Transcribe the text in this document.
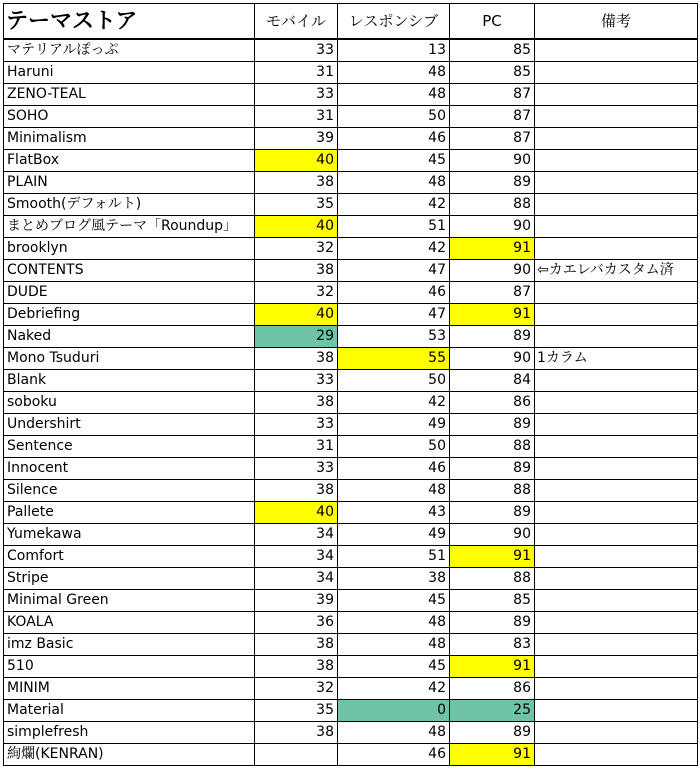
テーマストア	モバイル	レスポンシブ	PC	備考
マテリアルぽっぷ	33	13	85	
Haruni	31	48	85	
ZENO-TEAL	33	48	87	
SOHO	31	50	87	
Minimalism	39	46	87	
FlatBox	40	45	90	
PLAIN	38	48	89	
Smooth(デフォルト)	35	42	88	
まとめブログ風テーマ「Roundup」	40	51	90	
brooklyn	32	42	91	
CONTENTS	38	47	90	⇦カエレバカスタム済
DUDE	32	46	87	
Debriefing	40	47	91	
Naked	29	53	89	
Mono Tsuduri	38	55	90	1カラム
Blank	33	50	84	
soboku	38	42	86	
Undershirt	33	49	89	
Sentence	31	50	88	
Innocent	33	46	89	
Silence	38	48	88	
Pallete	40	43	89	
Yumekawa	34	49	90	
Comfort	34	51	91	
Stripe	34	38	88	
Minimal Green	39	45	85	
KOALA	36	48	89	
imz Basic	38	48	83	
510	38	45	91	
MINIM	32	42	86	
Material	35	0	25	
simplefresh	38	48	89	
絢爛(KENRAN)		46	91	
